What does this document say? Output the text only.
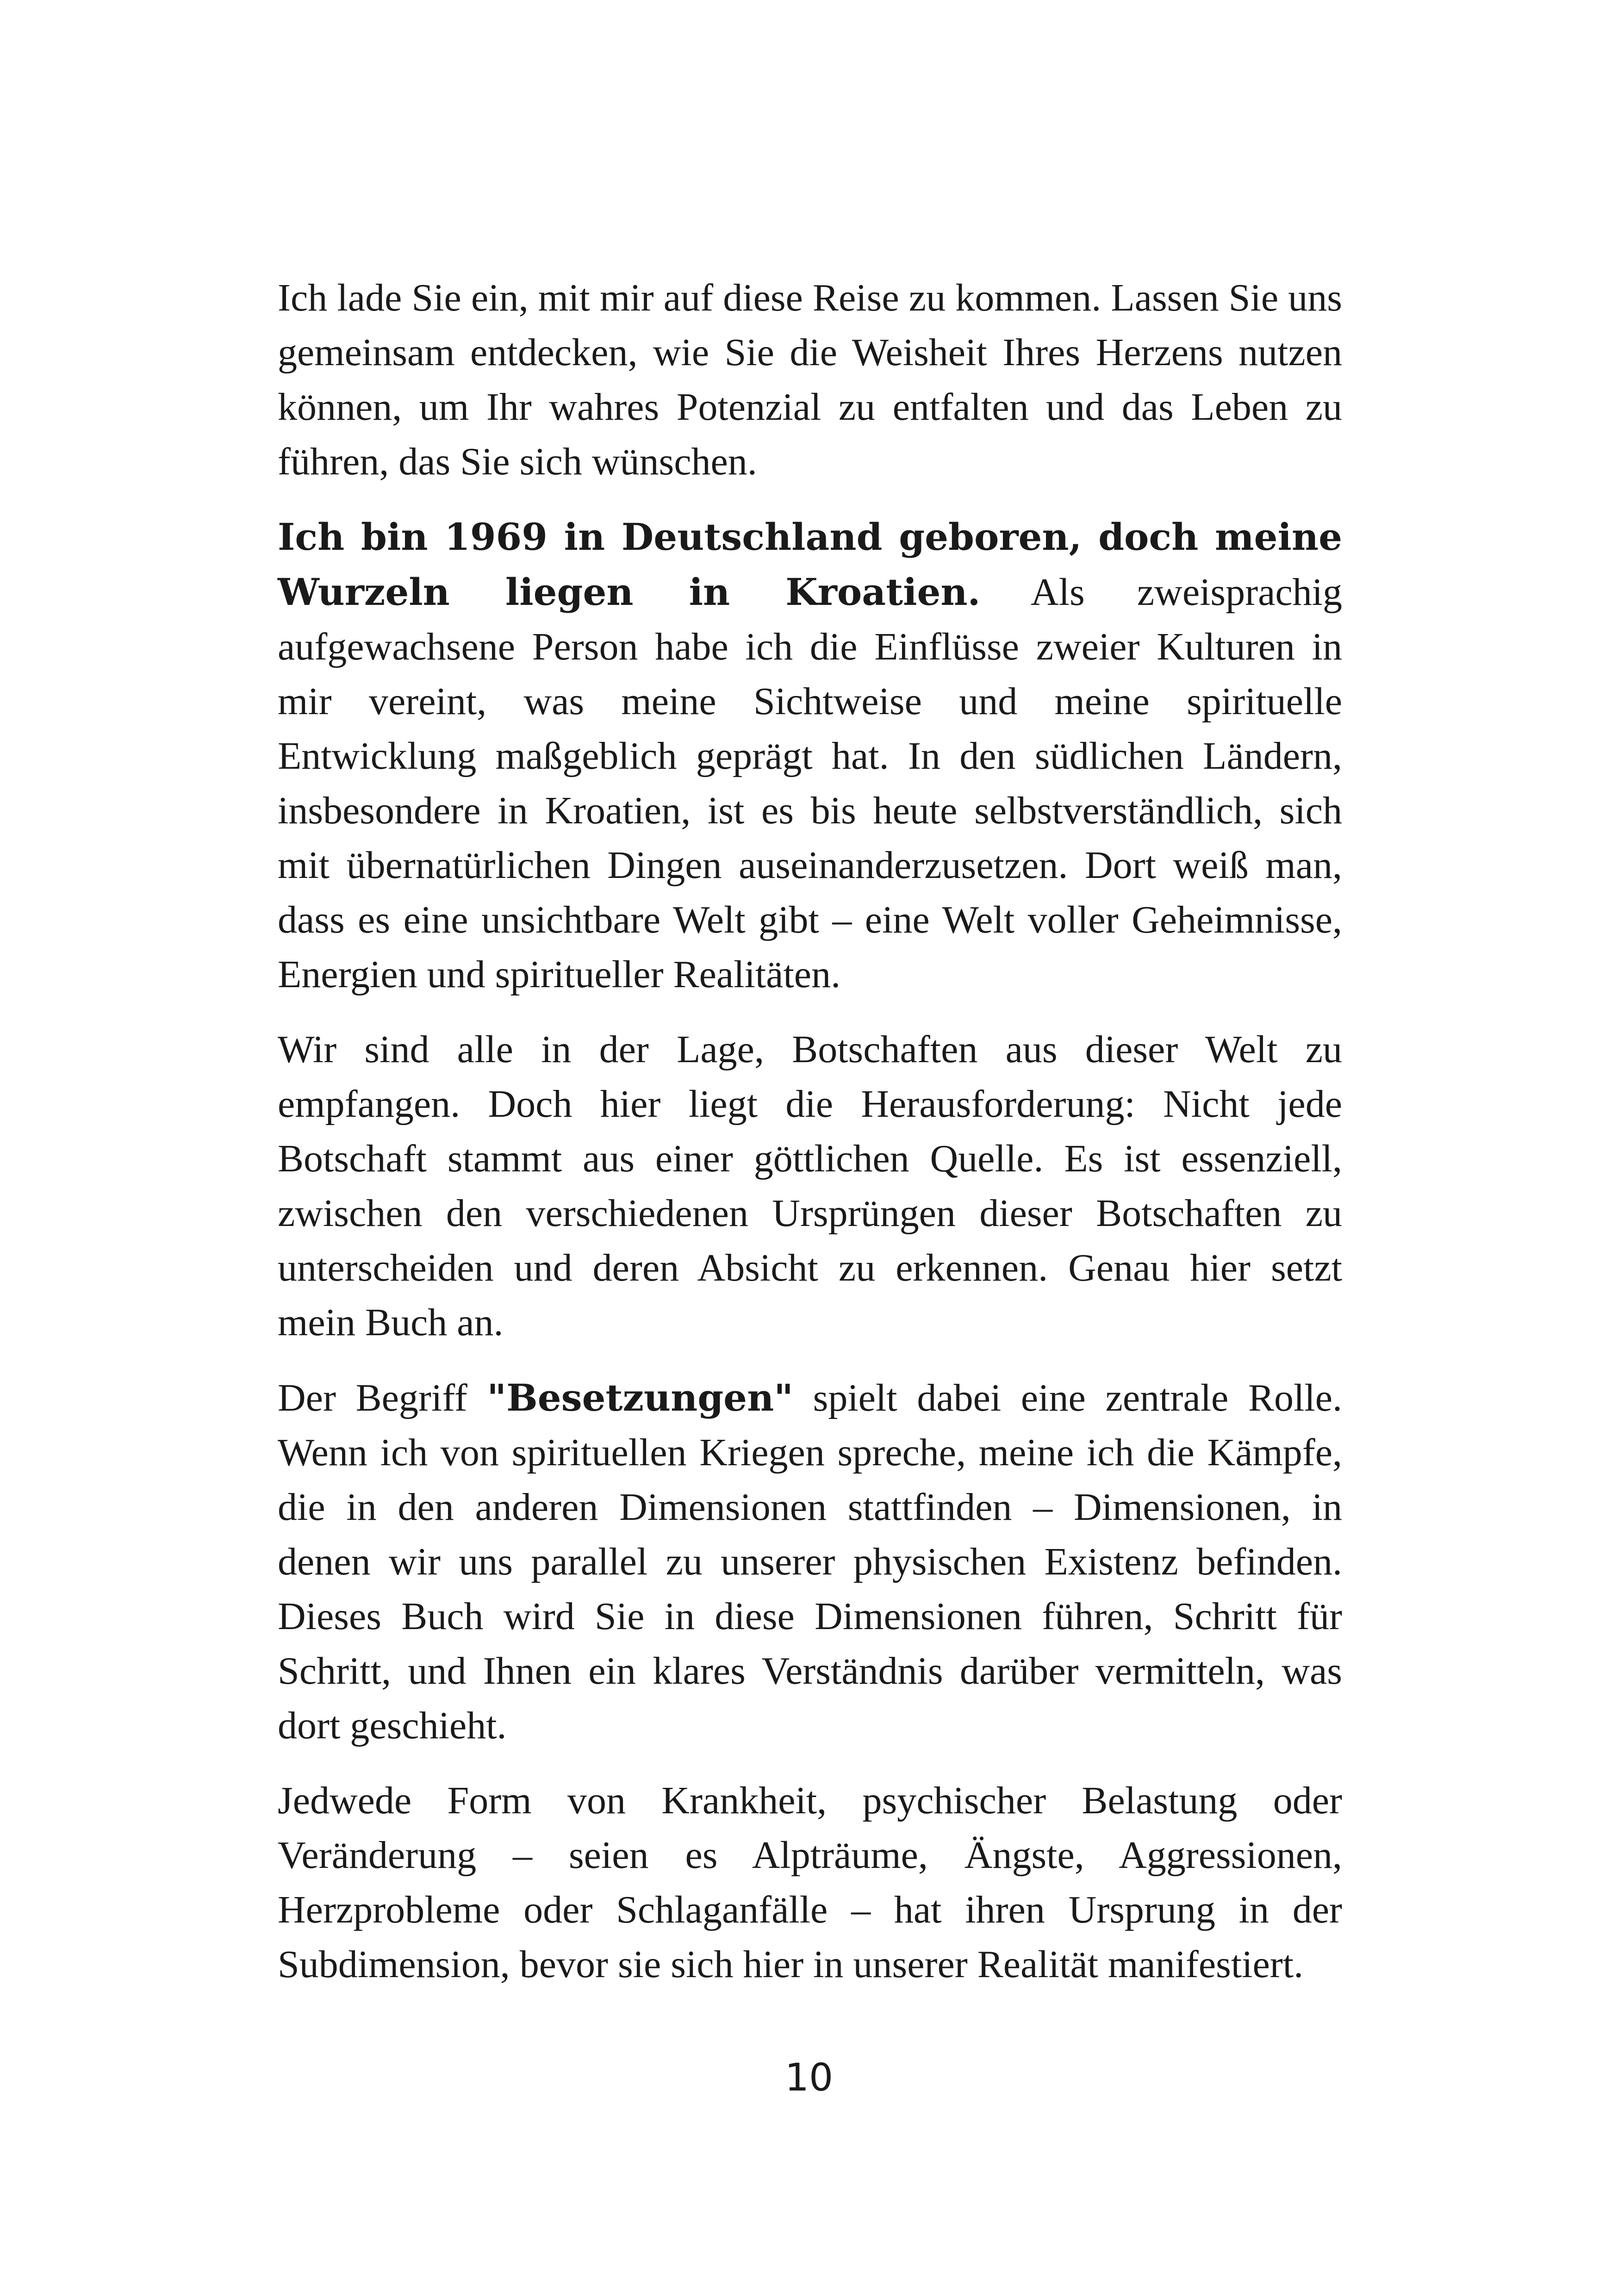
Ich lade Sie ein, mit mir auf diese Reise zu kommen. Lassen Sie uns gemeinsam entdecken, wie Sie die Weisheit Ihres Herzens nutzen können, um Ihr wahres Potenzial zu entfalten und das Leben zu führen, das Sie sich wünschen.

Ich bin 1969 in Deutschland geboren, doch meine Wurzeln liegen in Kroatien. Als zweisprachig aufgewachsene Person habe ich die Einflüsse zweier Kulturen in mir vereint, was meine Sichtweise und meine spirituelle Entwicklung maßgeblich geprägt hat. In den südlichen Ländern, insbesondere in Kroatien, ist es bis heute selbstverständlich, sich mit übernatürlichen Dingen auseinanderzusetzen. Dort weiß man, dass es eine unsichtbare Welt gibt – eine Welt voller Geheimnisse, Energien und spiritueller Realitäten.

Wir sind alle in der Lage, Botschaften aus dieser Welt zu empfangen. Doch hier liegt die Herausforderung: Nicht jede Botschaft stammt aus einer göttlichen Quelle. Es ist essenziell, zwischen den verschiedenen Ursprüngen dieser Botschaften zu unterscheiden und deren Absicht zu erkennen. Genau hier setzt mein Buch an.

Der Begriff "Besetzungen" spielt dabei eine zentrale Rolle. Wenn ich von spirituellen Kriegen spreche, meine ich die Kämpfe, die in den anderen Dimensionen stattfinden – Dimensionen, in denen wir uns parallel zu unserer physischen Existenz befinden. Dieses Buch wird Sie in diese Dimensionen führen, Schritt für Schritt, und Ihnen ein klares Verständnis darüber vermitteln, was dort geschieht.

Jedwede Form von Krankheit, psychischer Belastung oder Veränderung – seien es Alpträume, Ängste, Aggressionen, Herzprobleme oder Schlaganfälle – hat ihren Ursprung in der Subdimension, bevor sie sich hier in unserer Realität manifestiert.

10
